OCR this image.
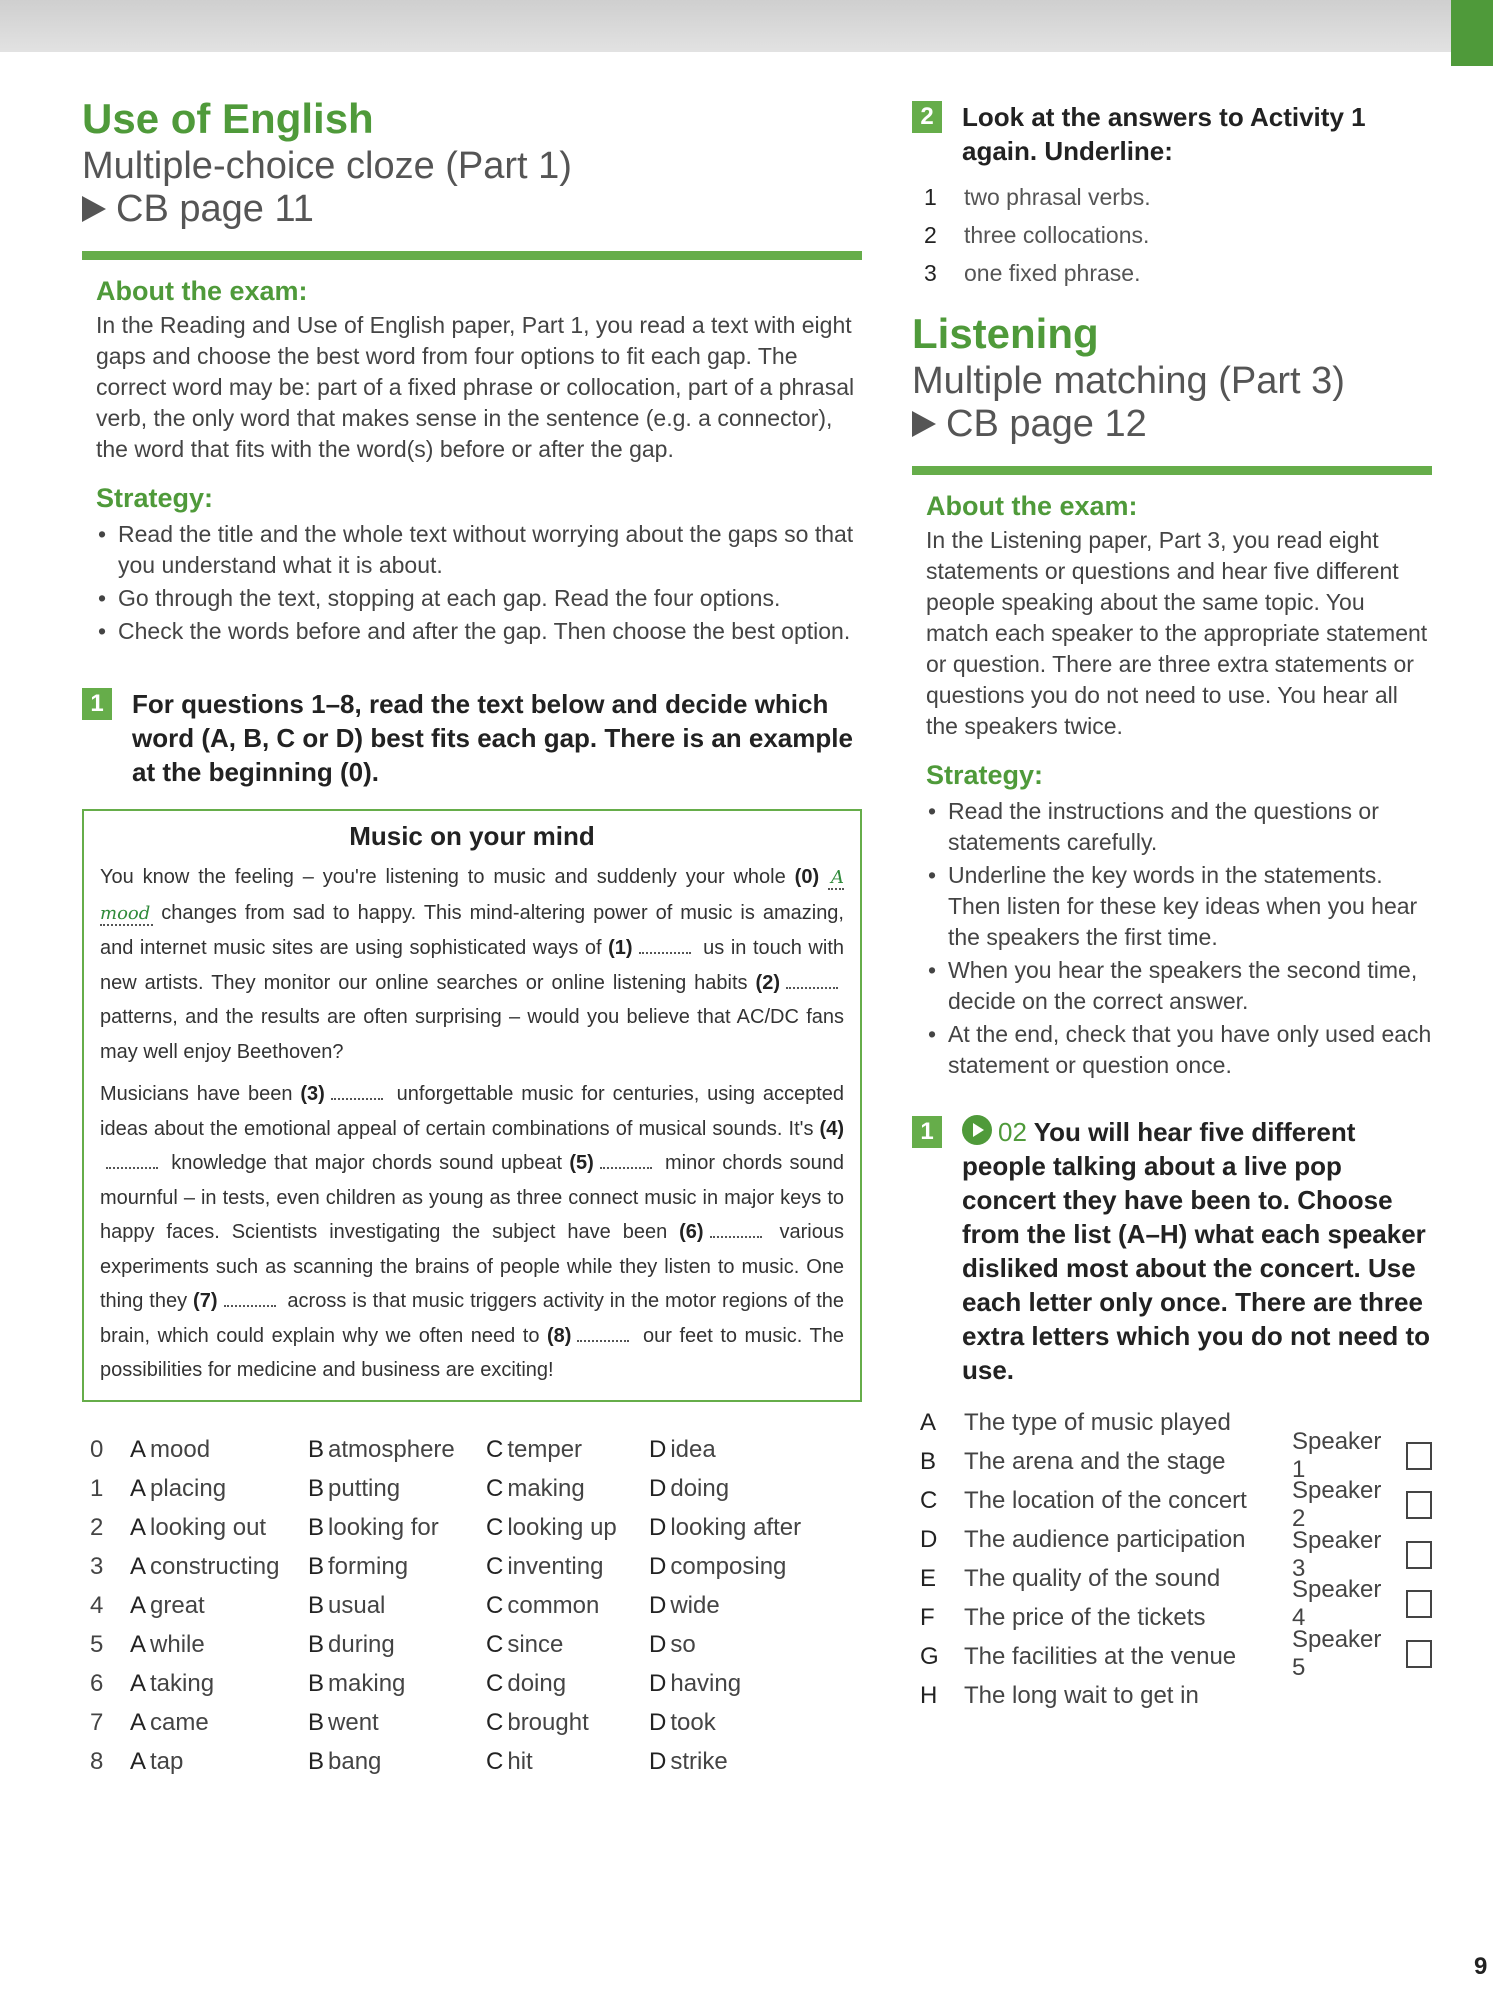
Use of English
Multiple-choice cloze (Part 1)
CB page 11
About the exam:

In the Reading and Use of English paper, Part 1, you read a text with eight gaps and choose the best word from four options to fit each gap. The correct word may be: part of a fixed phrase or collocation, part of a phrasal verb, the only word that makes sense in the sentence (e.g. a connector), the word that fits with the word(s) before or after the gap.

Strategy:
• Read the title and the whole text without worrying about the gaps so that you understand what it is about.
• Go through the text, stopping at each gap. Read the four options.
• Check the words before and after the gap. Then choose the best option.
1	For questions 1–8, read the text below and decide which word (A, B, C or D) best fits each gap. There is an example at the beginning (0).
Music on your mind

You know the feeling – you're listening to music and suddenly your whole (0) A mood changes from sad to happy. This mind-altering power of music is amazing, and internet music sites are using sophisticated ways of (1)	us in touch with new artists. They monitor our online searches or online listening habits (2) patterns, and the results are often surprising – would you believe that AC/DC fans may well enjoy Beethoven?

Musicians have been (3)	unforgettable music for centuries, using accepted ideas about the emotional appeal of certain combinations of musical sounds. It's (4) knowledge that major chords sound upbeat (5)	minor chords sound mournful – in tests, even children as young as three connect music in major keys to happy faces. Scientists investigating the subject have been (6)	various experiments such as scanning the brains of people while they listen to music. One thing they (7)	across is that music triggers activity in the motor regions of the brain, which could explain why we often need to (8)	our feet to music. The possibilities for medicine and business are exciting!

0	A mood	B atmosphere	C temper	D idea
1	A placing	B putting	C making	D doing
2	A looking out	B looking for	C looking up	D looking after
3	A constructing	B forming	C inventing	D composing
4	A great	B usual	C common	D wide
5	A while	B during	C since	D so
6	A taking	B making	C doing	D having
7	A came	B went	C brought	D took
8	A tap	B bang	C hit	D strike
2	Look at the answers to Activity 1 again. Underline:
1 two phrasal verbs.
2 three collocations.
3 one fixed phrase.
Listening
Multiple matching (Part 3)
CB page 12
About the exam:

In the Listening paper, Part 3, you read eight statements or questions and hear five different people speaking about the same topic. You match each speaker to the appropriate statement or question. There are three extra statements or questions you do not need to use. You hear all the speakers twice.

Strategy:
• Read the instructions and the questions or statements carefully.
• Underline the key words in the statements. Then listen for these key ideas when you hear the speakers the first time.
• When you hear the speakers the second time, decide on the correct answer.
• At the end, check that you have only used each statement or question once.
1	02 You will hear five different people talking about a live pop concert they have been to. Choose from the list (A–H) what each speaker disliked most about the concert. Use each letter only once. There are three extra letters which you do not need to use.
A The type of music played
B The arena and the stage
C The location of the concert
D The audience participation
E The quality of the sound
F The price of the tickets
G The facilities at the venue
H The long wait to get in
Speaker 1
Speaker 2
Speaker 3
Speaker 4
Speaker 5
9
